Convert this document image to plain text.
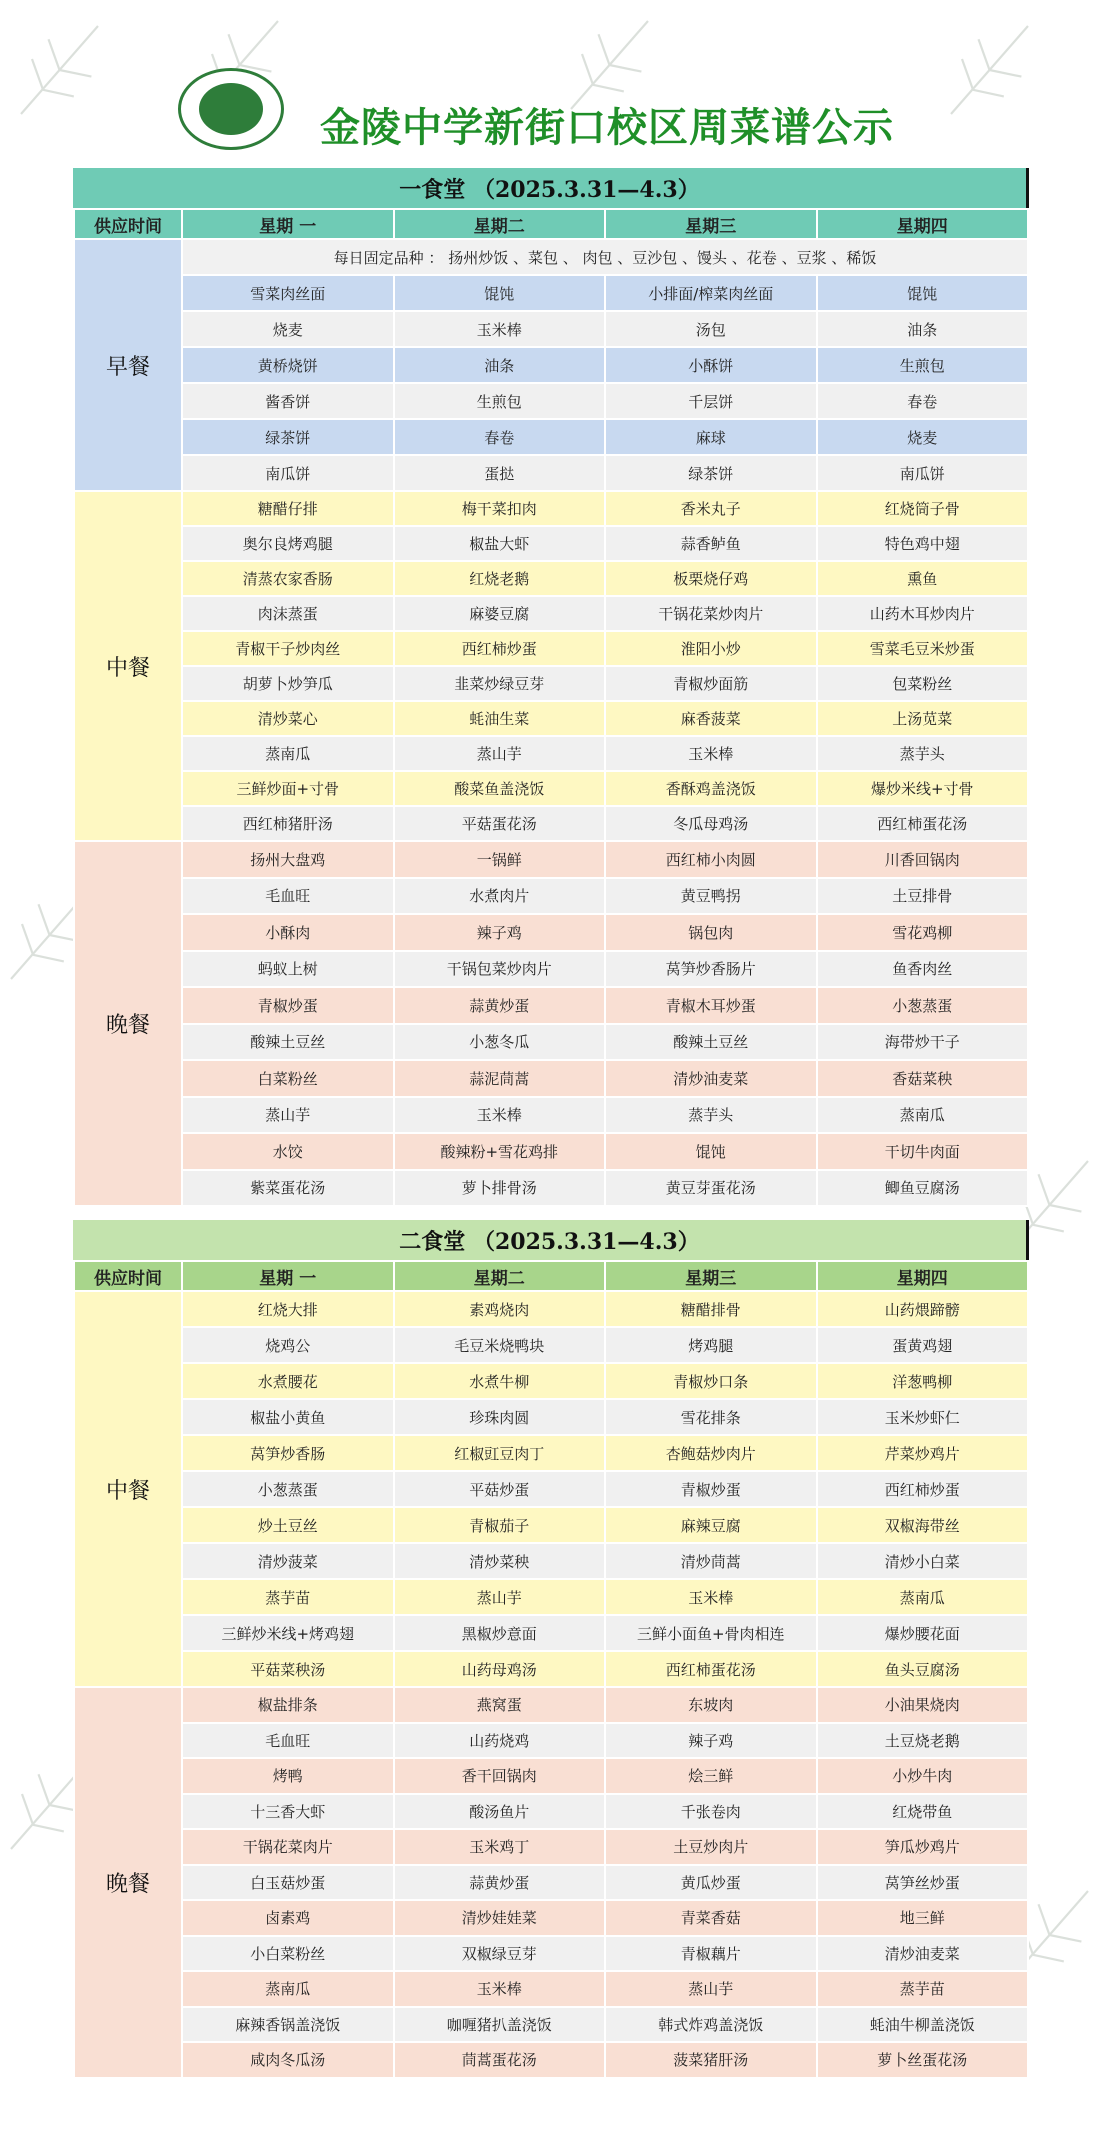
金陵中学新街口校区周菜谱公示
一食堂 （2025.3.31—4.3）
供应时间	星期 一	星期二	星期三	星期四
早餐	每日固定品种 ： 扬州炒饭 、菜包 、 肉包 、豆沙包 、馒头 、花卷 、豆浆 、稀饭			
	雪菜肉丝面	馄饨	小排面/榨菜肉丝面	馄饨
	烧麦	玉米棒	汤包	油条
	黄桥烧饼	油条	小酥饼	生煎包
	酱香饼	生煎包	千层饼	春卷
	绿茶饼	春卷	麻球	烧麦
	南瓜饼	蛋挞	绿茶饼	南瓜饼
中餐	糖醋仔排	梅干菜扣肉	香米丸子	红烧筒子骨
	奥尔良烤鸡腿	椒盐大虾	蒜香鲈鱼	特色鸡中翅
	清蒸农家香肠	红烧老鹅	板栗烧仔鸡	熏鱼
	肉沫蒸蛋	麻婆豆腐	干锅花菜炒肉片	山药木耳炒肉片
	青椒干子炒肉丝	西红柿炒蛋	淮阳小炒	雪菜毛豆米炒蛋
	胡萝卜炒笋瓜	韭菜炒绿豆芽	青椒炒面筋	包菜粉丝
	清炒菜心	蚝油生菜	麻香菠菜	上汤苋菜
	蒸南瓜	蒸山芋	玉米棒	蒸芋头
	三鲜炒面+寸骨	酸菜鱼盖浇饭	香酥鸡盖浇饭	爆炒米线+寸骨
	西红柿猪肝汤	平菇蛋花汤	冬瓜母鸡汤	西红柿蛋花汤
晚餐	扬州大盘鸡	一锅鲜	西红柿小肉圆	川香回锅肉
	毛血旺	水煮肉片	黄豆鸭拐	土豆排骨
	小酥肉	辣子鸡	锅包肉	雪花鸡柳
	蚂蚁上树	干锅包菜炒肉片	莴笋炒香肠片	鱼香肉丝
	青椒炒蛋	蒜黄炒蛋	青椒木耳炒蛋	小葱蒸蛋
	酸辣土豆丝	小葱冬瓜	酸辣土豆丝	海带炒干子
	白菜粉丝	蒜泥茼蒿	清炒油麦菜	香菇菜秧
	蒸山芋	玉米棒	蒸芋头	蒸南瓜
	水饺	酸辣粉+雪花鸡排	馄饨	干切牛肉面
	紫菜蛋花汤	萝卜排骨汤	黄豆芽蛋花汤	鲫鱼豆腐汤
二食堂 （2025.3.31—4.3）
供应时间	星期 一	星期二	星期三	星期四
中餐	红烧大排	素鸡烧肉	糖醋排骨	山药煨蹄髈
	烧鸡公	毛豆米烧鸭块	烤鸡腿	蛋黄鸡翅
	水煮腰花	水煮牛柳	青椒炒口条	洋葱鸭柳
	椒盐小黄鱼	珍珠肉圆	雪花排条	玉米炒虾仁
	莴笋炒香肠	红椒豇豆肉丁	杏鲍菇炒肉片	芹菜炒鸡片
	小葱蒸蛋	平菇炒蛋	青椒炒蛋	西红柿炒蛋
	炒土豆丝	青椒茄子	麻辣豆腐	双椒海带丝
	清炒菠菜	清炒菜秧	清炒茼蒿	清炒小白菜
	蒸芋苗	蒸山芋	玉米棒	蒸南瓜
	三鲜炒米线+烤鸡翅	黑椒炒意面	三鲜小面鱼+骨肉相连	爆炒腰花面
	平菇菜秧汤	山药母鸡汤	西红柿蛋花汤	鱼头豆腐汤
晚餐	椒盐排条	燕窝蛋	东坡肉	小油果烧肉
	毛血旺	山药烧鸡	辣子鸡	土豆烧老鹅
	烤鸭	香干回锅肉	烩三鲜	小炒牛肉
	十三香大虾	酸汤鱼片	千张卷肉	红烧带鱼
	干锅花菜肉片	玉米鸡丁	土豆炒肉片	笋瓜炒鸡片
	白玉菇炒蛋	蒜黄炒蛋	黄瓜炒蛋	莴笋丝炒蛋
	卤素鸡	清炒娃娃菜	青菜香菇	地三鲜
	小白菜粉丝	双椒绿豆芽	青椒藕片	清炒油麦菜
	蒸南瓜	玉米棒	蒸山芋	蒸芋苗
	麻辣香锅盖浇饭	咖喱猪扒盖浇饭	韩式炸鸡盖浇饭	蚝油牛柳盖浇饭
	咸肉冬瓜汤	茼蒿蛋花汤	菠菜猪肝汤	萝卜丝蛋花汤
